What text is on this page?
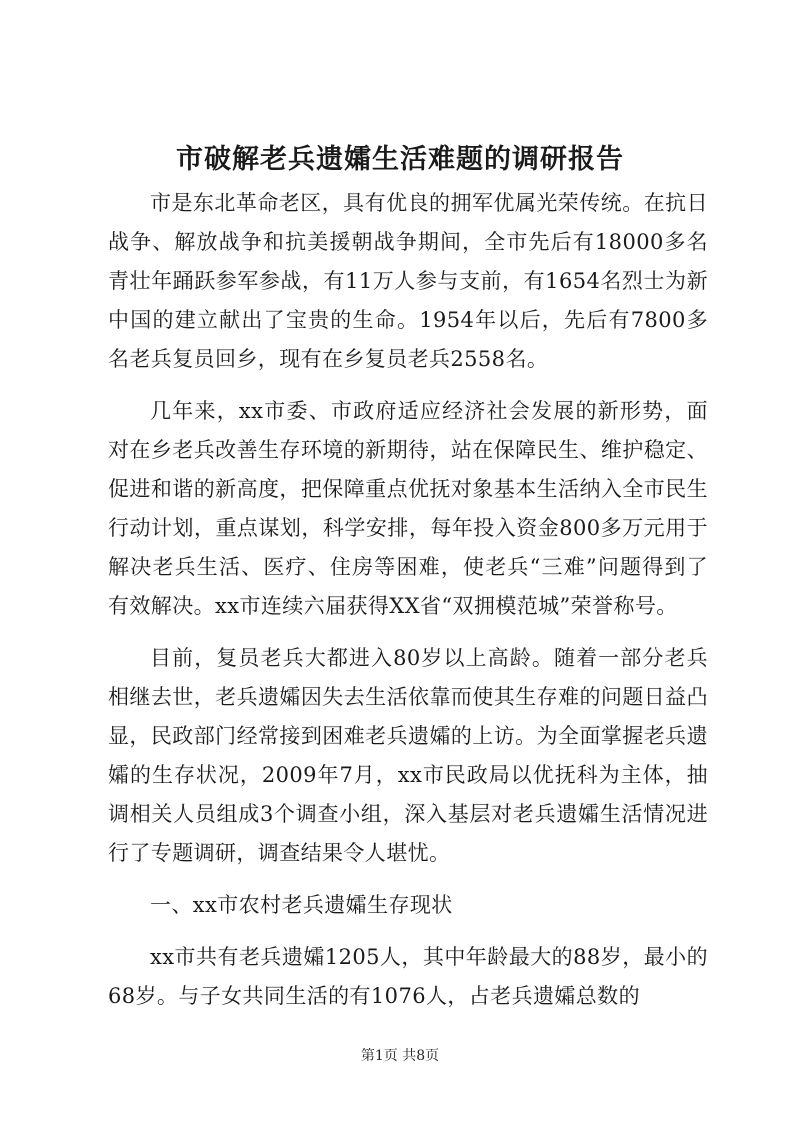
市破解老兵遗孀生活难题的调研报告

市是东北革命老区，具有优良的拥军优属光荣传统。在抗日战争、解放战争和抗美援朝战争期间，全市先后有18000多名青壮年踊跃参军参战，有11万人参与支前，有1654名烈士为新中国的建立献出了宝贵的生命。1954年以后，先后有7800多名老兵复员回乡，现有在乡复员老兵2558名。

几年来，xx市委、市政府适应经济社会发展的新形势，面对在乡老兵改善生存环境的新期待，站在保障民生、维护稳定、促进和谐的新高度，把保障重点优抚对象基本生活纳入全市民生行动计划，重点谋划，科学安排，每年投入资金800多万元用于解决老兵生活、医疗、住房等困难，使老兵“三难”问题得到了有效解决。xx市连续六届获得XX省“双拥模范城”荣誉称号。

目前，复员老兵大都进入80岁以上高龄。随着一部分老兵相继去世，老兵遗孀因失去生活依靠而使其生存难的问题日益凸显，民政部门经常接到困难老兵遗孀的上访。为全面掌握老兵遗孀的生存状况，2009年7月，xx市民政局以优抚科为主体，抽调相关人员组成3个调查小组，深入基层对老兵遗孀生活情况进行了专题调研，调查结果令人堪忧。

一、xx市农村老兵遗孀生存现状

xx市共有老兵遗孀1205人，其中年龄最大的88岁，最小的68岁。与子女共同生活的有1076人，占老兵遗孀总数的

第1页 共8页
